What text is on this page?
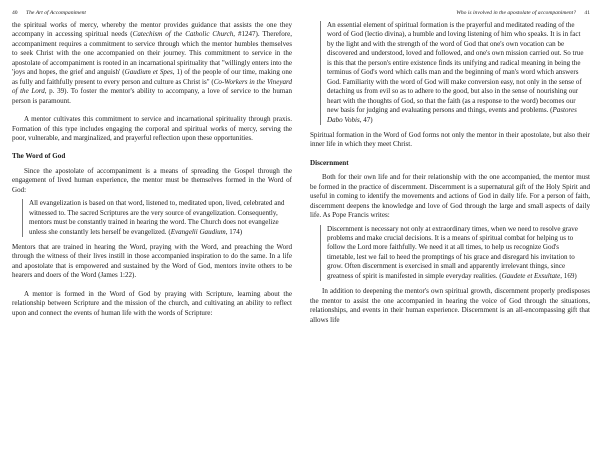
40 The Art of Accompaniment

the spiritual works of mercy, whereby the mentor provides guidance that assists the one they accompany in accessing spiritual needs (Catechism of the Catholic Church, #1247). Therefore, accompaniment requires a commitment to service through which the mentor humbles themselves to seek Christ with the one accompanied on their journey. This commitment to service in the apostolate of accompaniment is rooted in an incarnational spirituality that "willingly enters into the 'joys and hopes, the grief and anguish' (Gaudium et Spes, 1) of the people of our time, making one as fully and faithfully present to every person and culture as Christ is" (Co-Workers in the Vineyard of the Lord, p. 39). To foster the mentor's ability to accompany, a love of service to the human person is paramount.

A mentor cultivates this commitment to service and incarnational spirituality through praxis. Formation of this type includes engaging the corporal and spiritual works of mercy, serving the poor, vulnerable, and marginalized, and prayerful reflection upon these opportunities.

The Word of God

Since the apostolate of accompaniment is a means of spreading the Gospel through the engagement of lived human experience, the mentor must be themselves formed in the Word of God:

All evangelization is based on that word, listened to, meditated upon, lived, celebrated and witnessed to. The sacred Scriptures are the very source of evangelization. Consequently, mentors must be constantly trained in hearing the word. The Church does not evangelize unless she constantly lets herself be evangelized. (Evangelii Gaudium, 174)

Mentors that are trained in hearing the Word, praying with the Word, and preaching the Word through the witness of their lives instill in those accompanied inspiration to do the same. In a life and apostolate that is empowered and sustained by the Word of God, mentors invite others to be hearers and doers of the Word (James 1:22).

A mentor is formed in the Word of God by praying with Scripture, learning about the relationship between Scripture and the mission of the church, and cultivating an ability to reflect upon and connect the events of human life with the words of Scripture:

Who is involved in the apostolate of accompaniment? 41

An essential element of spiritual formation is the prayerful and meditated reading of the word of God (lectio divina), a humble and loving listening of him who speaks. It is in fact by the light and with the strength of the word of God that one's own vocation can be discovered and understood, loved and followed, and one's own mission carried out. So true is this that the person's entire existence finds its unifying and radical meaning in being the terminus of God's word which calls man and the beginning of man's word which answers God. Familiarity with the word of God will make conversion easy, not only in the sense of detaching us from evil so as to adhere to the good, but also in the sense of nourishing our heart with the thoughts of God, so that the faith (as a response to the word) becomes our new basis for judging and evaluating persons and things, events and problems. (Pastores Dabo Vobis, 47)

Spiritual formation in the Word of God forms not only the mentor in their apostolate, but also their inner life in which they meet Christ.

Discernment

Both for their own life and for their relationship with the one accompanied, the mentor must be formed in the practice of discernment. Discernment is a supernatural gift of the Holy Spirit and useful in coming to identify the movements and actions of God in daily life. For a person of faith, discernment deepens the knowledge and love of God through the large and small aspects of daily life. As Pope Francis writes:

Discernment is necessary not only at extraordinary times, when we need to resolve grave problems and make crucial decisions. It is a means of spiritual combat for helping us to follow the Lord more faithfully. We need it at all times, to help us recognize God's timetable, lest we fail to heed the promptings of his grace and disregard his invitation to grow. Often discernment is exercised in small and apparently irrelevant things, since greatness of spirit is manifested in simple everyday realities. (Gaudete et Exsultate, 169)

In addition to deepening the mentor's own spiritual growth, discernment properly predisposes the mentor to assist the one accompanied in hearing the voice of God through the situations, relationships, and events in their human experience. Discernment is an all-encompassing gift that allows life
